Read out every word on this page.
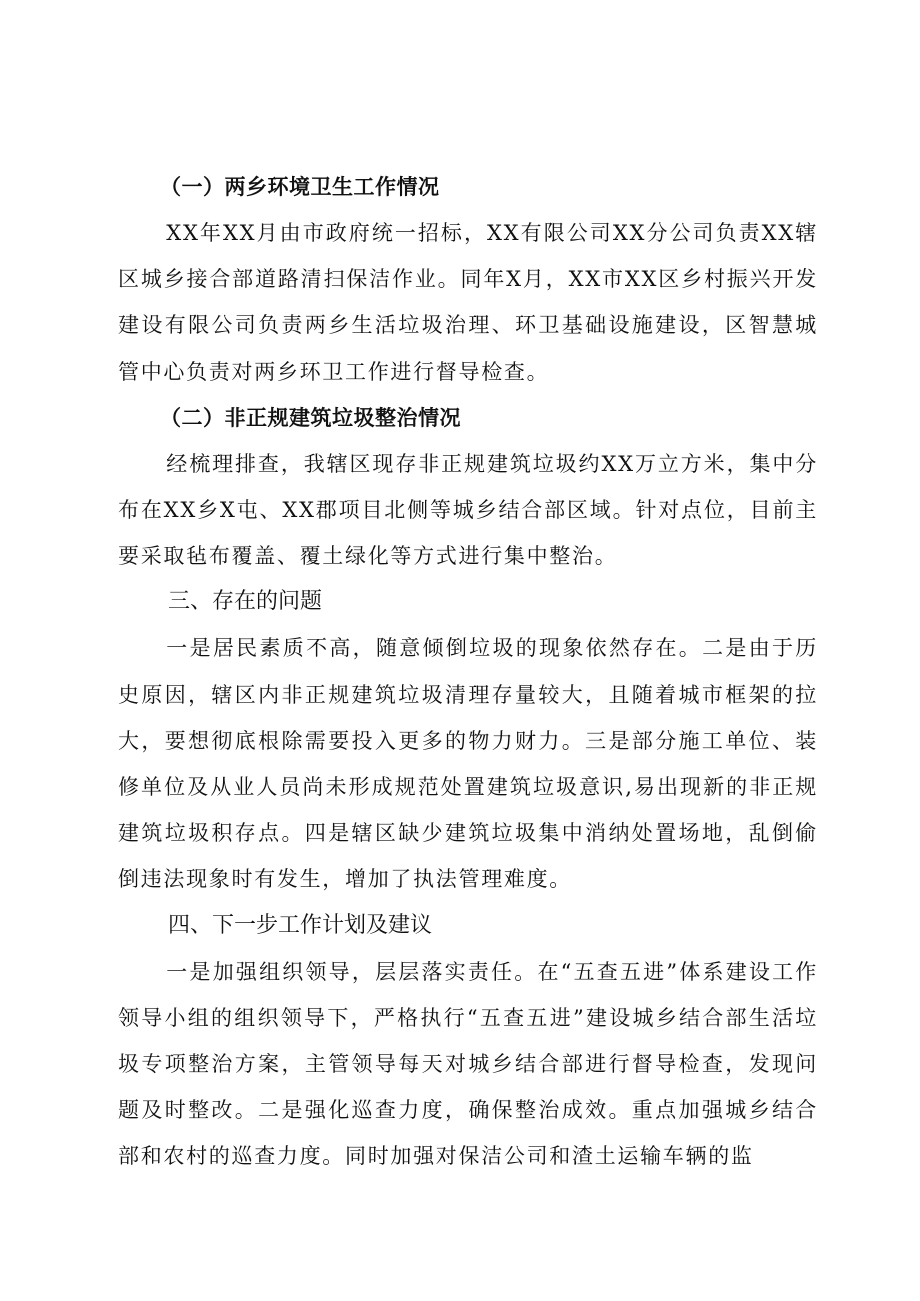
（一）两乡环境卫生工作情况

XX年XX月由市政府统一招标，XX有限公司XX分公司负责XX辖区城乡接合部道路清扫保洁作业。同年X月，XX市XX区乡村振兴开发建设有限公司负责两乡生活垃圾治理、环卫基础设施建设，区智慧城管中心负责对两乡环卫工作进行督导检查。

（二）非正规建筑垃圾整治情况

经梳理排查，我辖区现存非正规建筑垃圾约XX万立方米，集中分布在XX乡X屯、XX郡项目北侧等城乡结合部区域。针对点位，目前主要采取毡布覆盖、覆土绿化等方式进行集中整治。

三、存在的问题

一是居民素质不高，随意倾倒垃圾的现象依然存在。二是由于历史原因，辖区内非正规建筑垃圾清理存量较大，且随着城市框架的拉大，要想彻底根除需要投入更多的物力财力。三是部分施工单位、装修单位及从业人员尚未形成规范处置建筑垃圾意识,易出现新的非正规建筑垃圾积存点。四是辖区缺少建筑垃圾集中消纳处置场地，乱倒偷倒违法现象时有发生，增加了执法管理难度。

四、下一步工作计划及建议

一是加强组织领导，层层落实责任。在“五查五进”体系建设工作领导小组的组织领导下，严格执行“五查五进”建设城乡结合部生活垃圾专项整治方案，主管领导每天对城乡结合部进行督导检查，发现问题及时整改。二是强化巡查力度，确保整治成效。重点加强城乡结合部和农村的巡查力度。同时加强对保洁公司和渣土运输车辆的监
